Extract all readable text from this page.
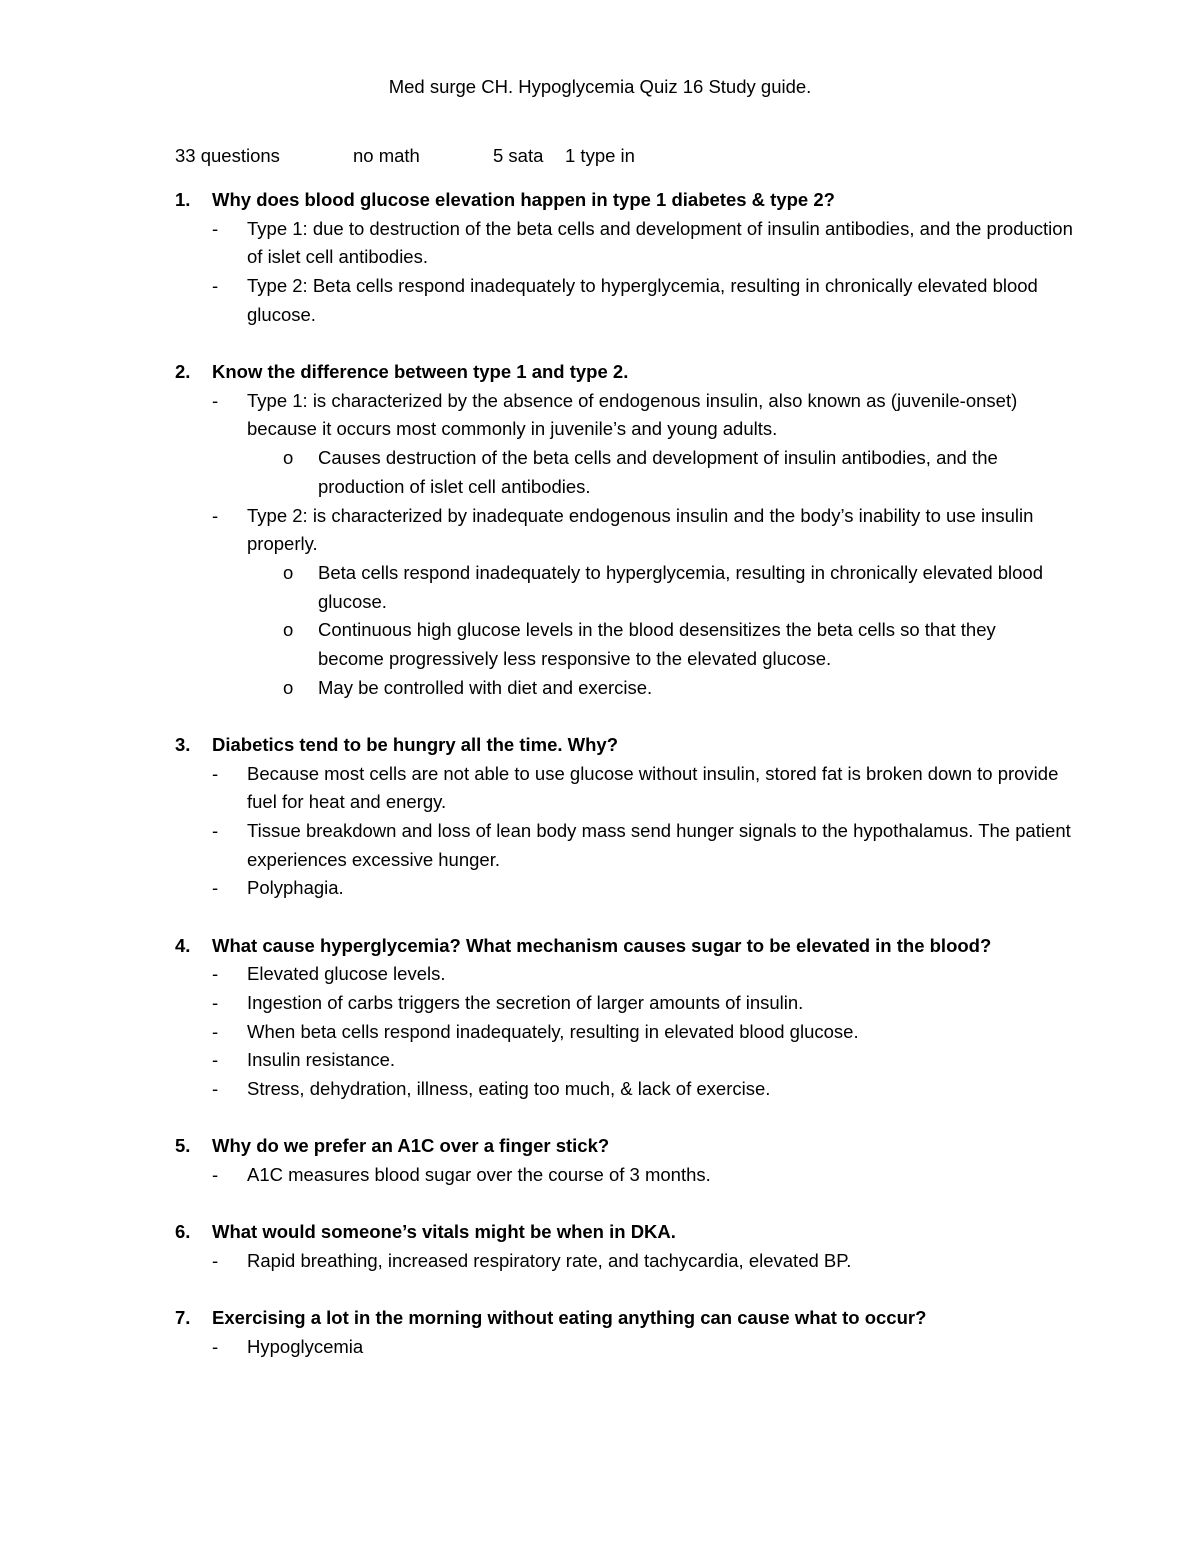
Med surge CH. Hypoglycemia Quiz 16 Study guide.
33 questions	no math	5 sata 1 type in
1. Why does blood glucose elevation happen in type 1 diabetes & type 2?
- Type 1: due to destruction of the beta cells and development of insulin antibodies, and the production of islet cell antibodies.
- Type 2: Beta cells respond inadequately to hyperglycemia, resulting in chronically elevated blood glucose.
2. Know the difference between type 1 and type 2.
- Type 1: is characterized by the absence of endogenous insulin, also known as (juvenile-onset) because it occurs most commonly in juvenile’s and young adults.
o Causes destruction of the beta cells and development of insulin antibodies, and the production of islet cell antibodies.
- Type 2: is characterized by inadequate endogenous insulin and the body’s inability to use insulin properly.
o Beta cells respond inadequately to hyperglycemia, resulting in chronically elevated blood glucose.
o Continuous high glucose levels in the blood desensitizes the beta cells so that they become progressively less responsive to the elevated glucose.
o May be controlled with diet and exercise.
3. Diabetics tend to be hungry all the time. Why?
- Because most cells are not able to use glucose without insulin, stored fat is broken down to provide fuel for heat and energy.
- Tissue breakdown and loss of lean body mass send hunger signals to the hypothalamus. The patient experiences excessive hunger.
- Polyphagia.
4. What cause hyperglycemia? What mechanism causes sugar to be elevated in the blood?
- Elevated glucose levels.
- Ingestion of carbs triggers the secretion of larger amounts of insulin.
- When beta cells respond inadequately, resulting in elevated blood glucose.
- Insulin resistance.
- Stress, dehydration, illness, eating too much, & lack of exercise.
5. Why do we prefer an A1C over a finger stick?
- A1C measures blood sugar over the course of 3 months.
6. What would someone’s vitals might be when in DKA.
- Rapid breathing, increased respiratory rate, and tachycardia, elevated BP.
7. Exercising a lot in the morning without eating anything can cause what to occur?
- Hypoglycemia
